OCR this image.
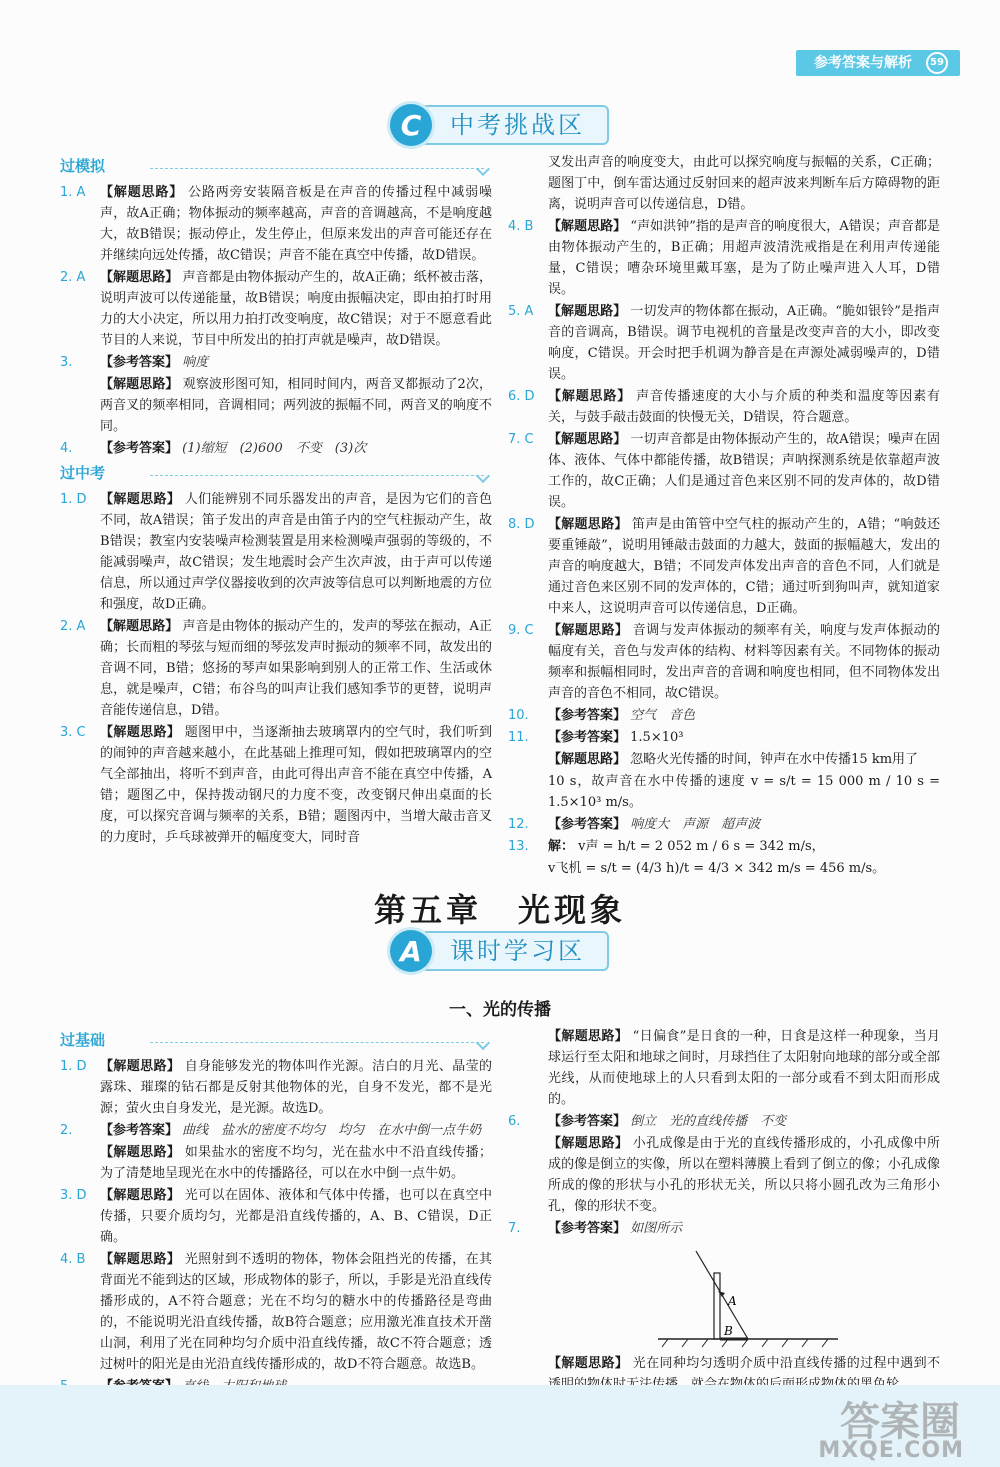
参考答案与解析	59
C	中考挑战区
过模拟
1. A	【解题思路】 公路两旁安装隔音板是在声音的传播过程中减弱噪声，故A正确；物体振动的频率越高，声音的音调越高，不是响度越大，故B错误；振动停止，发生停止，但原来发出的声音可能还存在并继续向远处传播，故C错误；声音不能在真空中传播，故D错误。
2. A	【解题思路】 声音都是由物体振动产生的，故A正确；纸杯被击落，说明声波可以传递能量，故B错误；响度由振幅决定，即由拍打时用力的大小决定，所以用力拍打改变响度，故C错误；对于不愿意看此节目的人来说，节目中所发出的拍打声就是噪声，故D错误。
3.	【参考答案】 响度
【解题思路】 观察波形图可知，相同时间内，两音叉都振动了2次，两音叉的频率相同，音调相同；两列波的振幅不同，两音叉的响度不同。
4.	【参考答案】 (1)缩短　(2)600　不变　(3)次
过中考
1. D	【解题思路】 人们能辨别不同乐器发出的声音，是因为它们的音色不同，故A错误；笛子发出的声音是由笛子内的空气柱振动产生，故B错误；教室内安装噪声检测装置是用来检测噪声强弱的等级的，不能减弱噪声，故C错误；发生地震时会产生次声波，由于声可以传递信息，所以通过声学仪器接收到的次声波等信息可以判断地震的方位和强度，故D正确。
2. A	【解题思路】 声音是由物体的振动产生的，发声的琴弦在振动，A正确；长而粗的琴弦与短而细的琴弦发声时振动的频率不同，故发出的音调不同，B错；悠扬的琴声如果影响到别人的正常工作、生活或休息，就是噪声，C错；布谷鸟的叫声让我们感知季节的更替，说明声音能传递信息，D错。
3. C	【解题思路】 题图甲中，当逐渐抽去玻璃罩内的空气时，我们听到的闹钟的声音越来越小，在此基础上推理可知，假如把玻璃罩内的空气全部抽出，将听不到声音，由此可得出声音不能在真空中传播，A错；题图乙中，保持拨动钢尺的力度不变，改变钢尺伸出桌面的长度，可以探究音调与频率的关系，B错；题图丙中，当增大敲击音叉的力度时，乒乓球被弹开的幅度变大，同时音
叉发出声音的响度变大，由此可以探究响度与振幅的关系，C正确；题图丁中，倒车雷达通过反射回来的超声波来判断车后方障碍物的距离，说明声音可以传递信息，D错。
4. B	【解题思路】 “声如洪钟”指的是声音的响度很大，A错误；声音都是由物体振动产生的，B正确；用超声波清洗戒指是在利用声传递能量，C错误；嘈杂环境里戴耳塞，是为了防止噪声进入人耳，D错误。
5. A	【解题思路】 一切发声的物体都在振动，A正确。“脆如银铃”是指声音的音调高，B错误。调节电视机的音量是改变声音的大小，即改变响度，C错误。开会时把手机调为静音是在声源处减弱噪声的，D错误。
6. D	【解题思路】 声音传播速度的大小与介质的种类和温度等因素有关，与鼓手敲击鼓面的快慢无关，D错误，符合题意。
7. C	【解题思路】 一切声音都是由物体振动产生的，故A错误；噪声在固体、液体、气体中都能传播，故B错误；声呐探测系统是依靠超声波工作的，故C正确；人们是通过音色来区别不同的发声体的，故D错误。
8. D	【解题思路】 笛声是由笛管中空气柱的振动产生的，A错；“响鼓还要重锤敲”，说明用锤敲击鼓面的力越大，鼓面的振幅越大，发出的声音的响度越大，B错；不同发声体发出声音的音色不同，人们就是通过音色来区别不同的发声体的，C错；通过听到狗叫声，就知道家中来人，这说明声音可以传递信息，D正确。
9. C	【解题思路】 音调与发声体振动的频率有关，响度与发声体振动的幅度有关，音色与发声体的结构、材料等因素有关。不同物体的振动频率和振幅相同时，发出声音的音调和响度也相同，但不同物体发出声音的音色不相同，故C错误。
10.	【参考答案】 空气　音色
11.	【参考答案】 1.5×10³
【解题思路】 忽略火光传播的时间，钟声在水中传播15 km用了
10 s，故声音在水中传播的速度 v = s/t = 15 000 m / 10 s = 1.5×10³ m/s。
12.	【参考答案】 响度大　声源　超声波
13.	解： v声 = h/t = 2 052 m / 6 s = 342 m/s，
v飞机 = s/t = (4/3 h)/t = 4/3 × 342 m/s = 456 m/s。
第五章　光现象
A	课时学习区
一、光的传播
过基础
1. D	【解题思路】 自身能够发光的物体叫作光源。洁白的月光、晶莹的露珠、璀璨的钻石都是反射其他物体的光，自身不发光，都不是光源；萤火虫自身发光，是光源。故选D。
2.	【参考答案】 曲线　盐水的密度不均匀　均匀　在水中倒一点牛奶
【解题思路】 如果盐水的密度不均匀，光在盐水中不沿直线传播；为了清楚地呈现光在水中的传播路径，可以在水中倒一点牛奶。
3. D	【解题思路】 光可以在固体、液体和气体中传播，也可以在真空中传播，只要介质均匀，光都是沿直线传播的，A、B、C错误，D正确。
4. B	【解题思路】 光照射到不透明的物体，物体会阻挡光的传播，在其背面光不能到达的区域，形成物体的影子，所以，手影是光沿直线传播形成的，A不符合题意；光在不均匀的糖水中的传播路径是弯曲的，不能说明光沿直线传播，故B符合题意；应用激光准直技术开凿山洞，利用了光在同种均匀介质中沿直线传播，故C不符合题意；透过树叶的阳光是由光沿直线传播形成的，故D不符合题意。故选B。
【解题思路】 “日偏食”是日食的一种，日食是这样一种现象，当月球运行至太阳和地球之间时，月球挡住了太阳射向地球的部分或全部光线，从而使地球上的人只看到太阳的一部分或看不到太阳而形成的。
6.	【参考答案】 倒立　光的直线传播　不变
【解题思路】 小孔成像是由于光的直线传播形成的，小孔成像中所成的像是倒立的实像，所以在塑料薄膜上看到了倒立的像；小孔成像所成的像的形状与小孔的形状无关，所以只将小圆孔改为三角形小孔，像的形状不变。
7.	【参考答案】 如图所示
A
B
【解题思路】 光在同种均匀透明介质中沿直线传播的过程中遇到不
答案圈
MXQE.COM
